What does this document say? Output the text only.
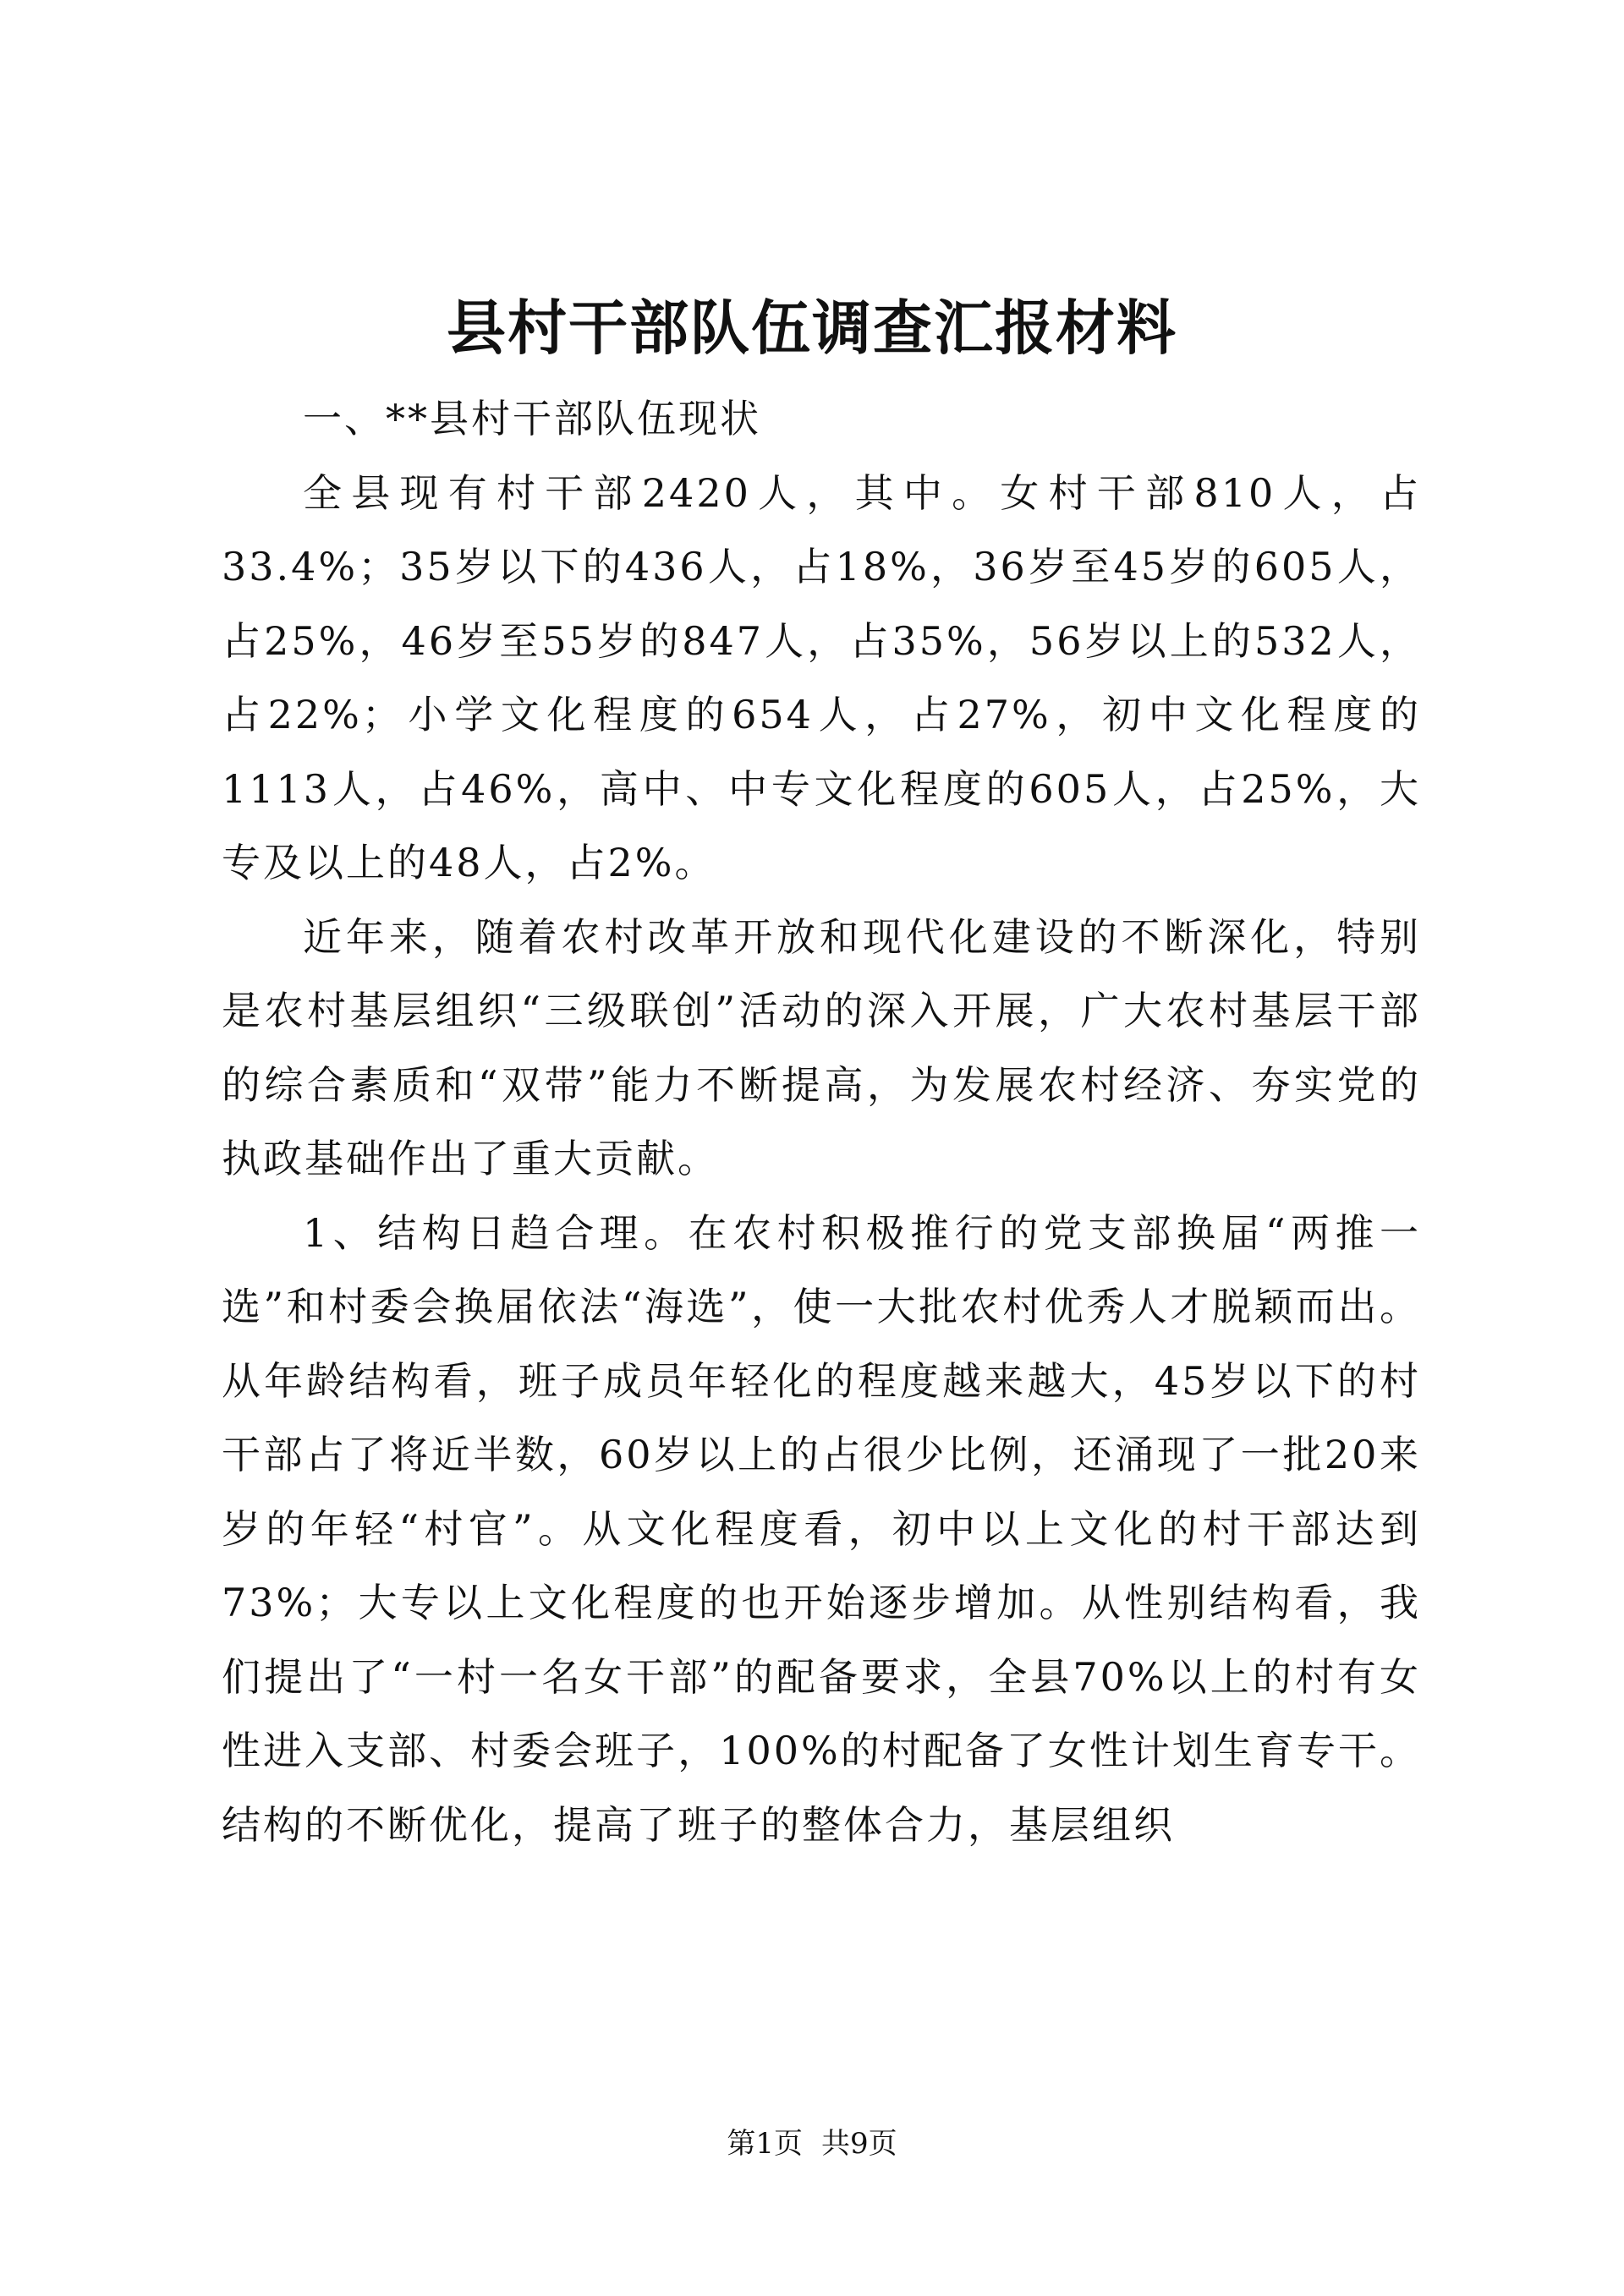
县村干部队伍调查汇报材料

一、**县村干部队伍现状

全县现有村干部2420人，其中。女村干部810人，占33.4%；35岁以下的436人，占18%，36岁至45岁的605人，占25%，46岁至55岁的847人，占35%，56岁以上的532人，占22%；小学文化程度的654人，占27%，初中文化程度的1113人，占46%，高中、中专文化程度的605人，占25%，大专及以上的48人，占2%。

近年来，随着农村改革开放和现代化建设的不断深化，特别是农村基层组织“三级联创”活动的深入开展，广大农村基层干部的综合素质和“双带”能力不断提高，为发展农村经济、夯实党的执政基础作出了重大贡献。

1、结构日趋合理。在农村积极推行的党支部换届“两推一选”和村委会换届依法“海选”，使一大批农村优秀人才脱颖而出。从年龄结构看，班子成员年轻化的程度越来越大，45岁以下的村干部占了将近半数，60岁以上的占很少比例，还涌现了一批20来岁的年轻“村官”。从文化程度看，初中以上文化的村干部达到73%；大专以上文化程度的也开始逐步增加。从性别结构看，我们提出了“一村一名女干部”的配备要求，全县70%以上的村有女性进入支部、村委会班子，100%的村配备了女性计划生育专干。结构的不断优化，提高了班子的整体合力，基层组织

第1页 共9页
